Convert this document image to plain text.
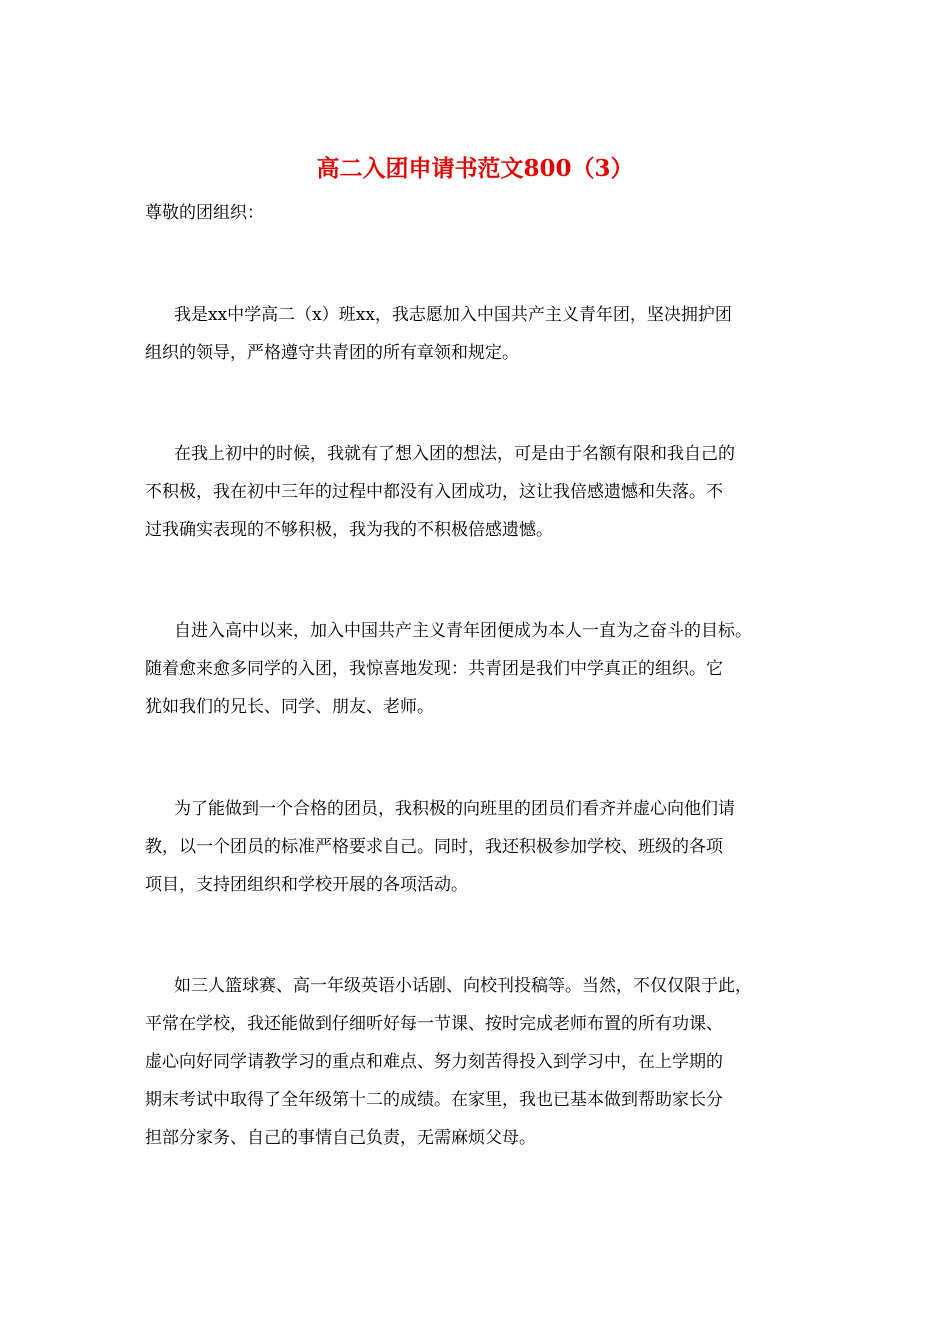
高二入团申请书范文800（3）
尊敬的团组织：
我是xx中学高二（x）班xx，我志愿加入中国共产主义青年团，坚决拥护团
组织的领导，严格遵守共青团的所有章领和规定。
在我上初中的时候，我就有了想入团的想法，可是由于名额有限和我自己的
不积极，我在初中三年的过程中都没有入团成功，这让我倍感遗憾和失落。不
过我确实表现的不够积极，我为我的不积极倍感遗憾。
自进入高中以来，加入中国共产主义青年团便成为本人一直为之奋斗的目标。
随着愈来愈多同学的入团，我惊喜地发现：共青团是我们中学真正的组织。它
犹如我们的兄长、同学、朋友、老师。
为了能做到一个合格的团员，我积极的向班里的团员们看齐并虚心向他们请
教，以一个团员的标准严格要求自己。同时，我还积极参加学校、班级的各项
项目，支持团组织和学校开展的各项活动。
如三人篮球赛、高一年级英语小话剧、向校刊投稿等。当然，不仅仅限于此，
平常在学校，我还能做到仔细听好每一节课、按时完成老师布置的所有功课、
虚心向好同学请教学习的重点和难点、努力刻苦得投入到学习中，在上学期的
期末考试中取得了全年级第十二的成绩。在家里，我也已基本做到帮助家长分
担部分家务、自己的事情自己负责，无需麻烦父母。
